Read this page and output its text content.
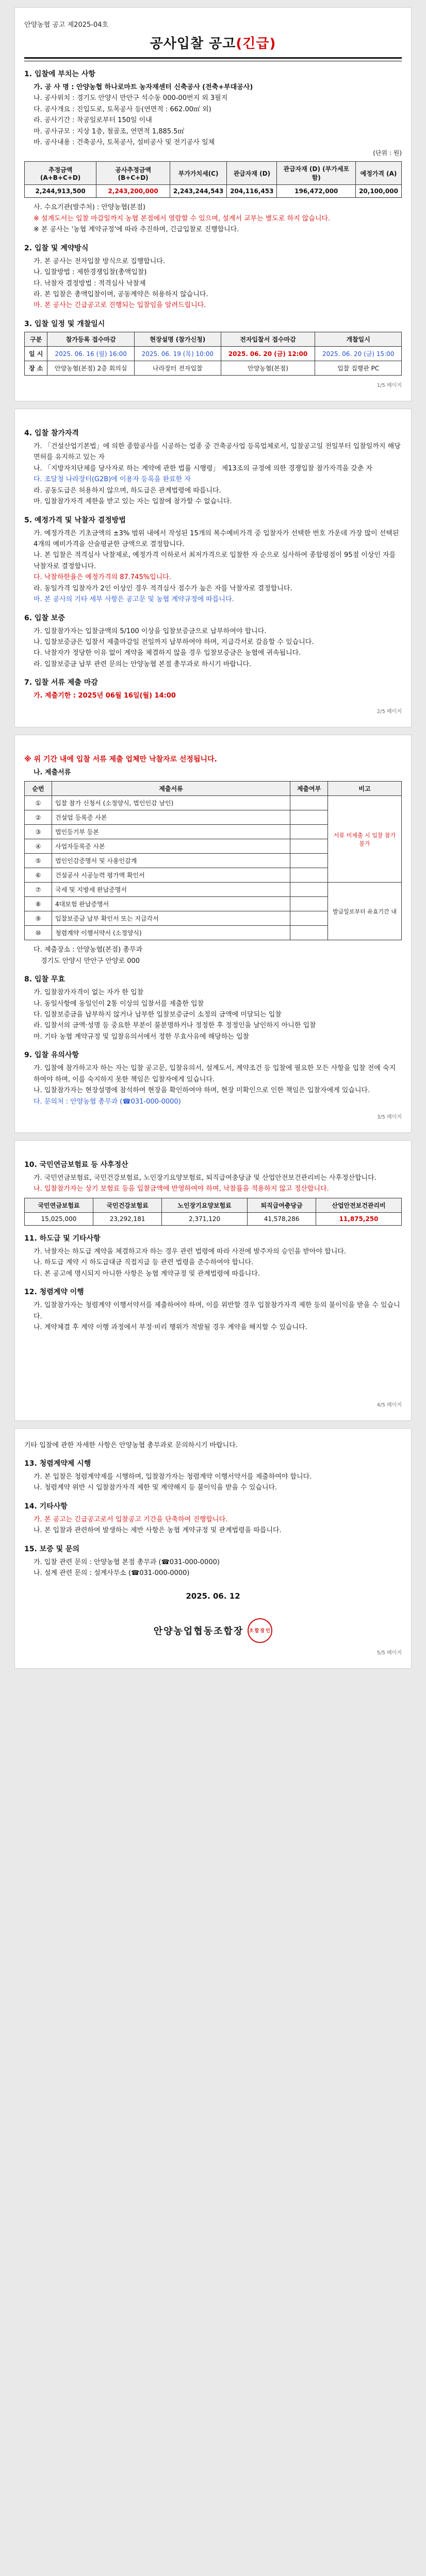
안양농협 공고 제2025-04호
공사입찰 공고(긴급)
1. 입찰에 부치는 사항

가. 공 사 명 : 안양농협 하나로마트 농자재센터 신축공사 (전축+부대공사)

나. 공사위치 : 경기도 안양시 만안구 석수동 000-00번지 외 3필지

다. 공사개요 : 진입도로, 토목공사 등(연면적 : 662.00㎡ 외)

라. 공사기간 : 착공일로부터 150일 이내

마. 공사규모 : 지상 1층, 철골조, 연면적 1,885.5㎡

바. 공사내용 : 건축공사, 토목공사, 설비공사 및 전기공사 일체

(단위 : 원)

추정금액 (A+B+C+D)	공사추정금액 (B+C+D)	부가가치세(C)	관급자재 (D)	관급자재 (D) (부가세포함)	예정가격 (A)
2,244,913,500	2,243,200,000	2,243,244,543	204,116,453	196,472,000	20,100,000

사. 수요기관(발주처) : 안양농협(본점)

※ 설계도서는 입찰 마감일까지 농협 본점에서 열람할 수 있으며, 설계서 교부는 별도로 하지 않습니다.

※ 본 공사는 '농협 계약규정'에 따라 추진하며, 긴급입찰로 진행합니다.

2. 입찰 및 계약방식

가. 본 공사는 전자입찰 방식으로 집행합니다.

나. 입찰방법 : 제한경쟁입찰(총액입찰)

다. 낙찰자 결정방법 : 적격심사 낙찰제

라. 본 입찰은 총액입찰이며, 공동계약은 허용하지 않습니다.

마. 본 공사는 긴급공고로 진행되는 입찰임을 알려드립니다.

3. 입찰 일정 및 개찰일시
구분	참가등록 접수마감	현장설명 (참가신청)	전자입찰서 접수마감	개찰일시
일 시	2025. 06. 16 (월) 16:00	2025. 06. 19 (목) 10:00	2025. 06. 20 (금) 12:00	2025. 06. 20 (금) 15:00
장 소	안양농협(본점) 2층 회의실	나라장터 전자입찰	안양농협(본점)	입찰 집행관 PC
1/5 페이지
4. 입찰 참가자격

가. 「건설산업기본법」에 의한 종합공사를 시공하는 업종 중 건축공사업 등록업체로서, 입찰공고일 전일부터 입찰일까지 해당 면허를 유지하고 있는 자

나. 「지방자치단체를 당사자로 하는 계약에 관한 법률 시행령」 제13조의 규정에 의한 경쟁입찰 참가자격을 갖춘 자

다. 조달청 나라장터(G2B)에 이용자 등록을 완료한 자

라. 공동도급은 허용하지 않으며, 하도급은 관계법령에 따릅니다.

마. 입찰참가자격 제한을 받고 있는 자는 입찰에 참가할 수 없습니다.

5. 예정가격 및 낙찰자 결정방법

가. 예정가격은 기초금액의 ±3% 범위 내에서 작성된 15개의 복수예비가격 중 입찰자가 선택한 번호 가운데 가장 많이 선택된 4개의 예비가격을 산술평균한 금액으로 결정합니다.

나. 본 입찰은 적격심사 낙찰제로, 예정가격 이하로서 최저가격으로 입찰한 자 순으로 심사하여 종합평점이 95점 이상인 자를 낙찰자로 결정합니다.

다. 낙찰하한율은 예정가격의 87.745%입니다.

라. 동일가격 입찰자가 2인 이상인 경우 적격심사 점수가 높은 자를 낙찰자로 결정합니다.

마. 본 공사의 기타 세부 사항은 공고문 및 농협 계약규정에 따릅니다.

6. 입찰 보증

가. 입찰참가자는 입찰금액의 5/100 이상을 입찰보증금으로 납부하여야 합니다.

나. 입찰보증금은 입찰서 제출마감일 전일까지 납부하여야 하며, 지급각서로 갈음할 수 있습니다.

다. 낙찰자가 정당한 이유 없이 계약을 체결하지 않을 경우 입찰보증금은 농협에 귀속됩니다.

라. 입찰보증금 납부 관련 문의는 안양농협 본점 총무과로 하시기 바랍니다.

7. 입찰 서류 제출 마감

가. 제출기한 : 2025년 06월 16일(월) 14:00

2/5 페이지
※ 위 기간 내에 입찰 서류 제출 업체만 낙찰자로 선정됩니다.

나. 제출서류

순번	제출서류	제출여부	비고
①	입찰 참가 신청서 (소정양식, 법인인감 날인)		서류 미제출 시 입찰 참가 불가
②	건설업 등록증 사본		
③	법인등기부 등본		
④	사업자등록증 사본		
⑤	법인인감증명서 및 사용인감계		
⑥	건설공사 시공능력 평가액 확인서		
⑦	국세 및 지방세 완납증명서		발급일로부터 유효기간 내
⑧	4대보험 완납증명서		
⑨	입찰보증금 납부 확인서 또는 지급각서		
⑩	청렴계약 이행서약서 (소정양식)		

다. 제출장소 : 안양농협(본점) 총무과

경기도 안양시 만안구 안양로 000

8. 입찰 무효

가. 입찰참가자격이 없는 자가 한 입찰

나. 동일사항에 동일인이 2통 이상의 입찰서를 제출한 입찰

다. 입찰보증금을 납부하지 않거나 납부한 입찰보증금이 소정의 금액에 미달되는 입찰

라. 입찰서의 금액·성명 등 중요한 부분이 불분명하거나 정정한 후 정정인을 날인하지 아니한 입찰

마. 기타 농협 계약규정 및 입찰유의서에서 정한 무효사유에 해당하는 입찰

9. 입찰 유의사항

가. 입찰에 참가하고자 하는 자는 입찰 공고문, 입찰유의서, 설계도서, 계약조건 등 입찰에 필요한 모든 사항을 입찰 전에 숙지하여야 하며, 이를 숙지하지 못한 책임은 입찰자에게 있습니다.

나. 입찰참가자는 현장설명에 참석하여 현장을 확인하여야 하며, 현장 미확인으로 인한 책임은 입찰자에게 있습니다.

다. 문의처 : 안양농협 총무과 (☎031-000-0000)

3/5 페이지
10. 국민연금보험료 등 사후정산

가. 국민연금보험료, 국민건강보험료, 노인장기요양보험료, 퇴직급여충당금 및 산업안전보건관리비는 사후정산합니다.

나. 입찰참가자는 상기 보험료 등을 입찰금액에 반영하여야 하며, 낙찰률을 적용하지 않고 정산합니다.

국민연금보험료	국민건강보험료	노인장기요양보험료	퇴직급여충당금	산업안전보건관리비
15,025,000	23,292,181	2,371,120	41,578,286	11,875,250
11. 하도급 및 기타사항

가. 낙찰자는 하도급 계약을 체결하고자 하는 경우 관련 법령에 따라 사전에 발주자의 승인을 받아야 합니다.

나. 하도급 계약 시 하도급대금 직접지급 등 관련 법령을 준수하여야 합니다.

다. 본 공고에 명시되지 아니한 사항은 농협 계약규정 및 관계법령에 따릅니다.

12. 청렴계약 이행

가. 입찰참가자는 청렴계약 이행서약서를 제출하여야 하며, 이를 위반할 경우 입찰참가자격 제한 등의 불이익을 받을 수 있습니다.

나. 계약체결 후 계약 이행 과정에서 부정·비리 행위가 적발될 경우 계약을 해지할 수 있습니다.

4/5 페이지

기타 입찰에 관한 자세한 사항은 안양농협 총무과로 문의하시기 바랍니다.

13. 청렴계약제 시행

가. 본 입찰은 청렴계약제를 시행하며, 입찰참가자는 청렴계약 이행서약서를 제출하여야 합니다.

나. 청렴계약 위반 시 입찰참가자격 제한 및 계약해지 등 불이익을 받을 수 있습니다.

14. 기타사항

가. 본 공고는 긴급공고로서 입찰공고 기간을 단축하여 진행합니다.

나. 본 입찰과 관련하여 발생하는 제반 사항은 농협 계약규정 및 관계법령을 따릅니다.

15. 보증 및 문의

가. 입찰 관련 문의 : 안양농협 본점 총무과 (☎031-000-0000)

나. 설계 관련 문의 : 설계사무소 (☎031-000-0000)

2025. 06. 12
안양농업협동조합장 조합장인
5/5 페이지
